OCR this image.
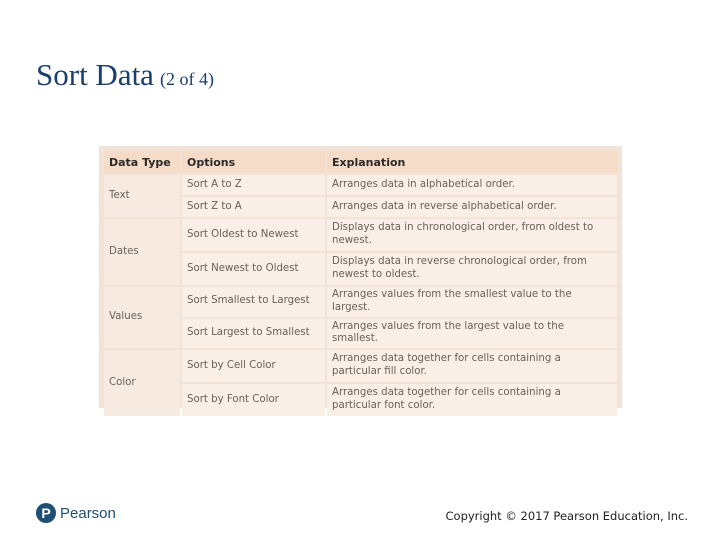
Sort Data (2 of 4)
Data Type	Options	Explanation
Text	Sort A to Z	Arranges data in alphabetical order.
	Sort Z to A	Arranges data in reverse alphabetical order.
Dates	Sort Oldest to Newest	Displays data in chronological order, from oldest to newest.
	Sort Newest to Oldest	Displays data in reverse chronological order, from newest to oldest.
Values	Sort Smallest to Largest	Arranges values from the smallest value to the largest.
	Sort Largest to Smallest	Arranges values from the largest value to the smallest.
Color	Sort by Cell Color	Arranges data together for cells containing a particular fill color.
	Sort by Font Color	Arranges data together for cells containing a particular font color.
P Pearson	Copyright © 2017 Pearson Education, Inc.
